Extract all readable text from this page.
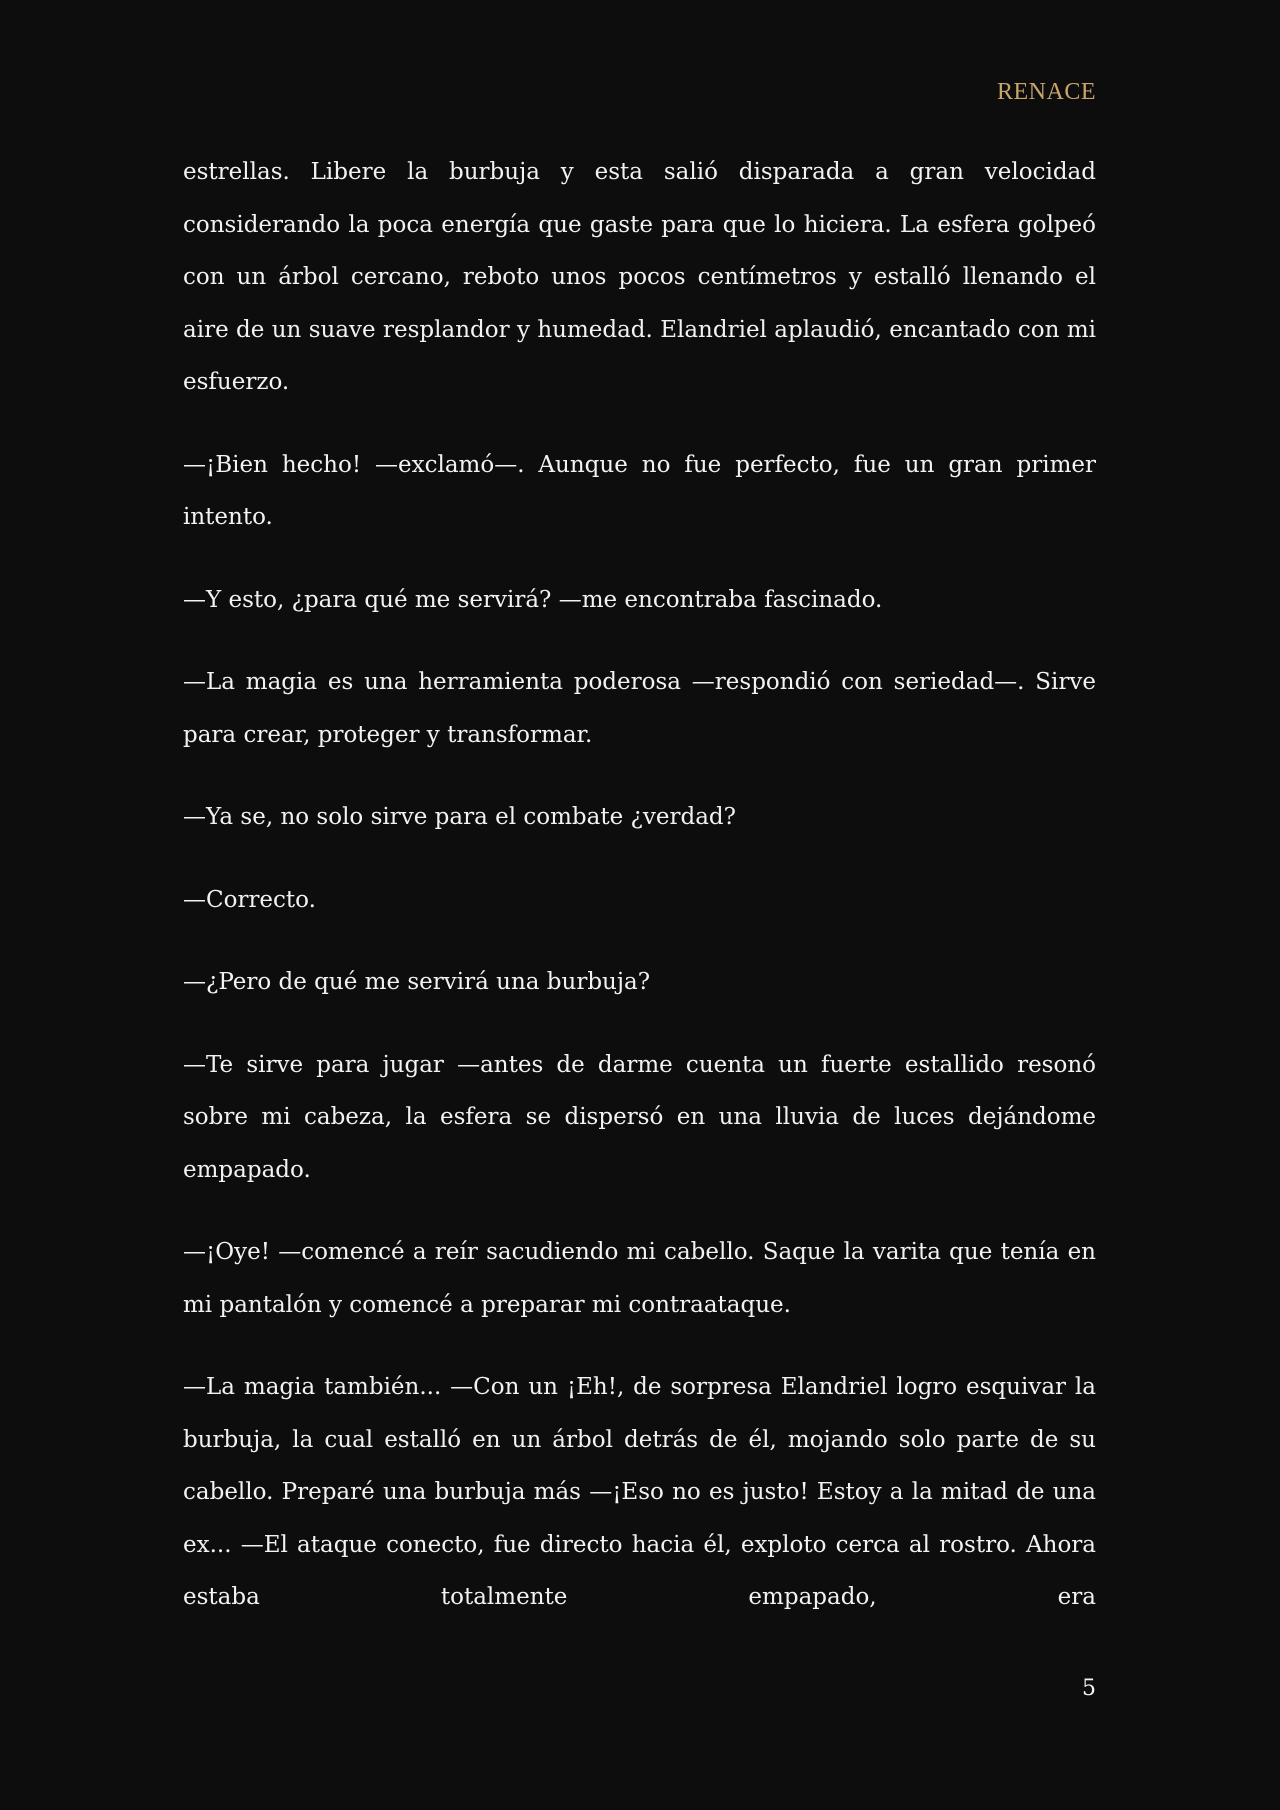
RENACE

estrellas. Libere la burbuja y esta salió disparada a gran velocidad considerando la poca energía que gaste para que lo hiciera. La esfera golpeó con un árbol cercano, reboto unos pocos centímetros y estalló llenando el aire de un suave resplandor y humedad. Elandriel aplaudió, encantado con mi esfuerzo.

—¡Bien hecho! —exclamó—. Aunque no fue perfecto, fue un gran primer intento.

—Y esto, ¿para qué me servirá? —me encontraba fascinado.

—La magia es una herramienta poderosa —respondió con seriedad—. Sirve para crear, proteger y transformar.

—Ya se, no solo sirve para el combate ¿verdad?

—Correcto.

—¿Pero de qué me servirá una burbuja?

—Te sirve para jugar —antes de darme cuenta un fuerte estallido resonó sobre mi cabeza, la esfera se dispersó en una lluvia de luces dejándome empapado.

—¡Oye! —comencé a reír sacudiendo mi cabello. Saque la varita que tenía en mi pantalón y comencé a preparar mi contraataque.

—La magia también... —Con un ¡Eh!, de sorpresa Elandriel logro esquivar la burbuja, la cual estalló en un árbol detrás de él, mojando solo parte de su cabello. Preparé una burbuja más —¡Eso no es justo! Estoy a la mitad de una ex... —El ataque conecto, fue directo hacia él, exploto cerca al rostro. Ahora estaba totalmente empapado, era

5
